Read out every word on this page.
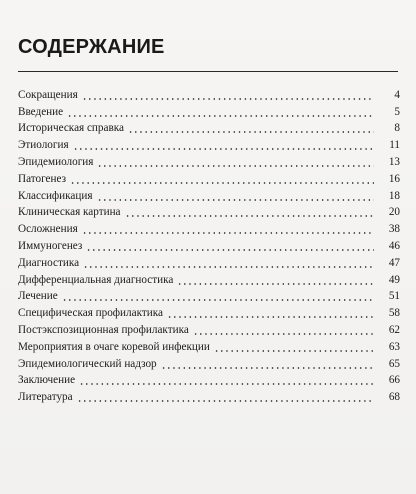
СОДЕРЖАНИЕ
Сокращения	4
Введение	5
Историческая справка	8
Этиология	11
Эпидемиология	13
Патогенез	16
Классификация	18
Клиническая картина	20
Осложнения	38
Иммуногенез	46
Диагностика	47
Дифференциальная диагностика	49
Лечение	51
Специфическая профилактика	58
Постэкспозиционная профилактика	62
Мероприятия в очаге коревой инфекции	63
Эпидемиологический надзор	65
Заключение	66
Литература	68
